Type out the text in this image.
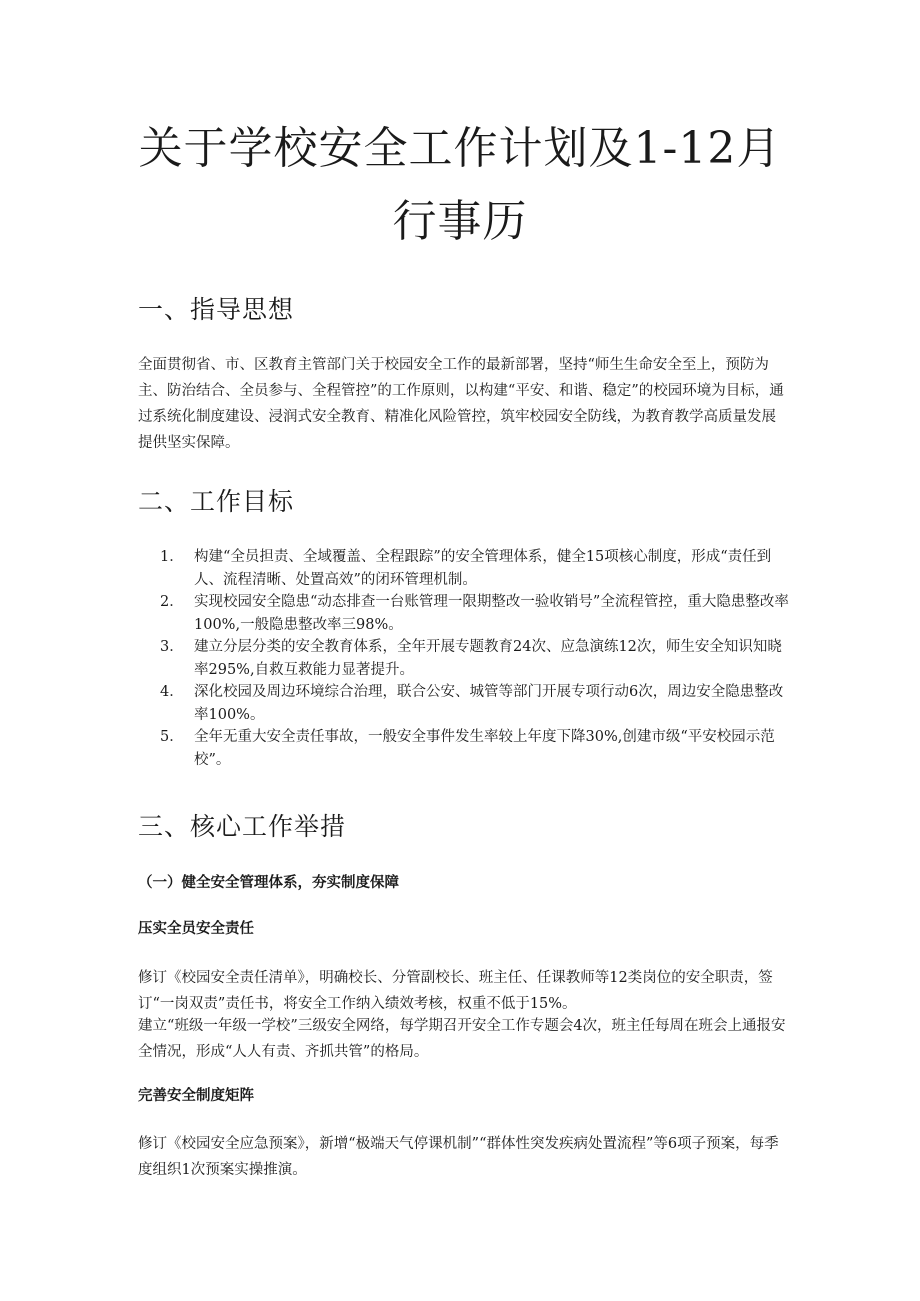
关于学校安全工作计划及1-12月
行事历
一、指导思想

全面贯彻省、市、区教育主管部门关于校园安全工作的最新部署，坚持“师生生命安全至上，预防为主、防治结合、全员参与、全程管控”的工作原则，以构建“平安、和谐、稳定”的校园环境为目标，通过系统化制度建设、浸润式安全教育、精准化风险管控，筑牢校园安全防线，为教育教学高质量发展提供坚实保障。

二、工作目标
1． 构建“全员担责、全域覆盖、全程跟踪”的安全管理体系，健全15项核心制度，形成“责任到人、流程清晰、处置高效”的闭环管理机制。
2． 实现校园安全隐患“动态排查一台账管理一限期整改一验收销号”全流程管控，重大隐患整改率100%,一般隐患整改率三98%。
3． 建立分层分类的安全教育体系，全年开展专题教育24次、应急演练12次，师生安全知识知晓率295%,自救互救能力显著提升。
4． 深化校园及周边环境综合治理，联合公安、城管等部门开展专项行动6次，周边安全隐患整改率100%。
5． 全年无重大安全责任事故，一般安全事件发生率较上年度下降30%,创建市级“平安校园示范校”。
三、核心工作举措
（一）健全安全管理体系，夯实制度保障
压实全员安全责任

修订《校园安全责任清单》，明确校长、分管副校长、班主任、任课教师等12类岗位的安全职责，签订“一岗双责”责任书，将安全工作纳入绩效考核，权重不低于15%。

建立“班级一年级一学校”三级安全网络，每学期召开安全工作专题会4次，班主任每周在班会上通报安全情况，形成“人人有责、齐抓共管”的格局。

完善安全制度矩阵

修订《校园安全应急预案》，新增“极端天气停课机制”“群体性突发疾病处置流程”等6项子预案，每季度组织1次预案实操推演。
